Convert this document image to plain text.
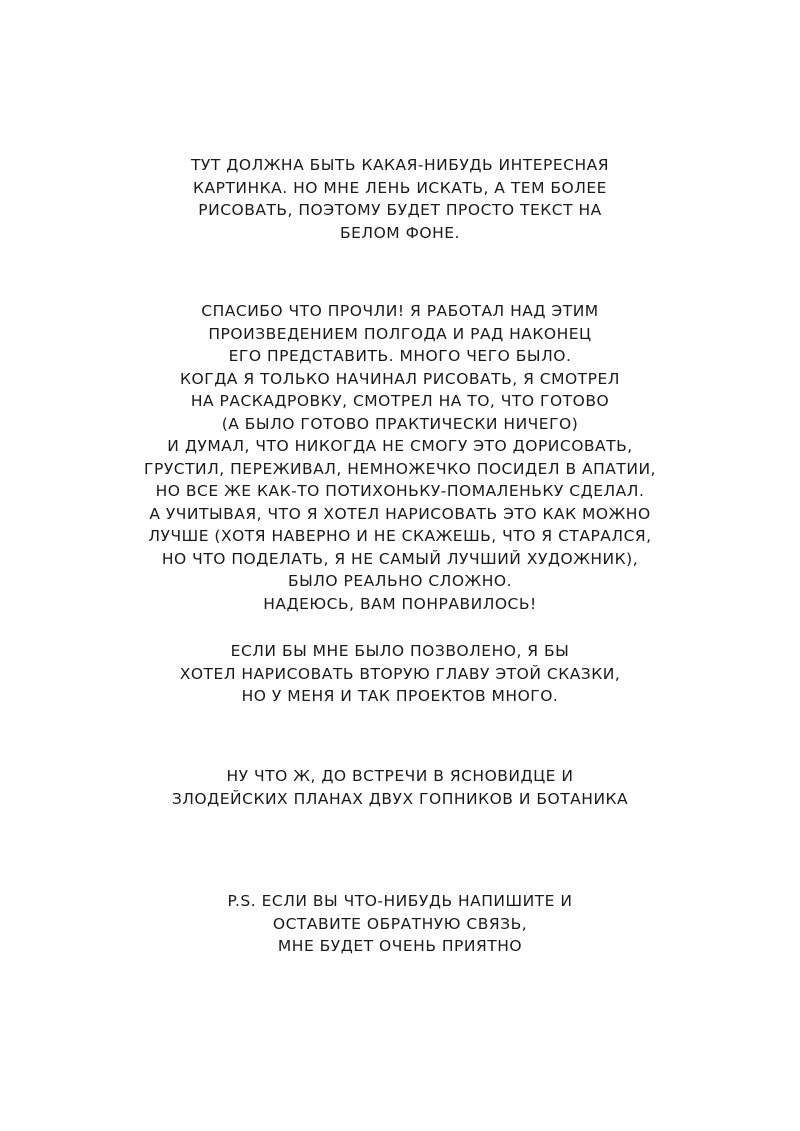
ТУТ ДОЛЖНА БЫТЬ КАКАЯ-НИБУДЬ ИНТЕРЕСНАЯ
КАРТИНКА. НО МНЕ ЛЕНЬ ИСКАТЬ, А ТЕМ БОЛЕЕ
РИСОВАТЬ, ПОЭТОМУ БУДЕТ ПРОСТО ТЕКСТ НА
БЕЛОМ ФОНЕ.
СПАСИБО ЧТО ПРОЧЛИ! Я РАБОТАЛ НАД ЭТИМ
ПРОИЗВЕДЕНИЕМ ПОЛГОДА И РАД НАКОНЕЦ
ЕГО ПРЕДСТАВИТЬ. МНОГО ЧЕГО БЫЛО.
КОГДА Я ТОЛЬКО НАЧИНАЛ РИСОВАТЬ, Я СМОТРЕЛ
НА РАСКАДРОВКУ, СМОТРЕЛ НА ТО, ЧТО ГОТОВО
(А БЫЛО ГОТОВО ПРАКТИЧЕСКИ НИЧЕГО)
И ДУМАЛ, ЧТО НИКОГДА НЕ СМОГУ ЭТО ДОРИСОВАТЬ,
ГРУСТИЛ, ПЕРЕЖИВАЛ, НЕМНОЖЕЧКО ПОСИДЕЛ В АПАТИИ,
НО ВСЕ ЖЕ КАК-ТО ПОТИХОНЬКУ-ПОМАЛЕНЬКУ СДЕЛАЛ.
А УЧИТЫВАЯ, ЧТО Я ХОТЕЛ НАРИСОВАТЬ ЭТО КАК МОЖНО
ЛУЧШЕ (ХОТЯ НАВЕРНО И НЕ СКАЖЕШЬ, ЧТО Я СТАРАЛСЯ,
НО ЧТО ПОДЕЛАТЬ, Я НЕ САМЫЙ ЛУЧШИЙ ХУДОЖНИК),
БЫЛО РЕАЛЬНО СЛОЖНО.
НАДЕЮСЬ, ВАМ ПОНРАВИЛОСЬ!
ЕСЛИ БЫ МНЕ БЫЛО ПОЗВОЛЕНО, Я БЫ
ХОТЕЛ НАРИСОВАТЬ ВТОРУЮ ГЛАВУ ЭТОЙ СКАЗКИ,
НО У МЕНЯ И ТАК ПРОЕКТОВ МНОГО.
НУ ЧТО Ж, ДО ВСТРЕЧИ В ЯСНОВИДЦЕ И
ЗЛОДЕЙСКИХ ПЛАНАХ ДВУХ ГОПНИКОВ И БОТАНИКА
P.S. ЕСЛИ ВЫ ЧТО-НИБУДЬ НАПИШИТЕ И
ОСТАВИТЕ ОБРАТНУЮ СВЯЗЬ,
МНЕ БУДЕТ ОЧЕНЬ ПРИЯТНО
